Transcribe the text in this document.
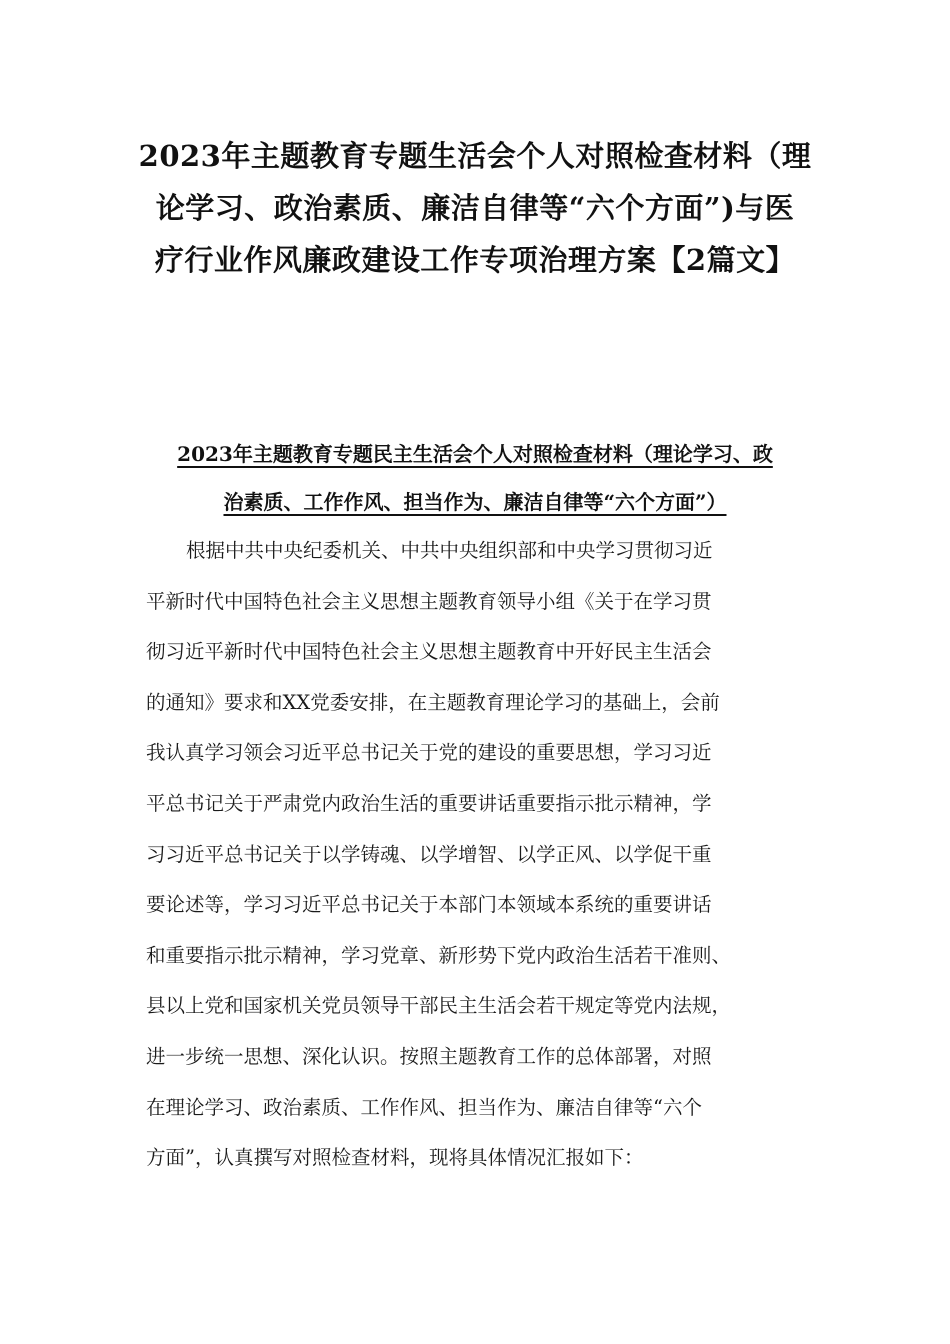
2023年主题教育专题生活会个人对照检查材料（理
论学习、政治素质、廉洁自律等“六个方面”)与医
疗行业作风廉政建设工作专项治理方案【2篇文】
2023年主题教育专题民主生活会个人对照检查材料（理论学习、政
治素质、工作作风、担当作为、廉洁自律等“六个方面”）
根据中共中央纪委机关、中共中央组织部和中央学习贯彻习近
平新时代中国特色社会主义思想主题教育领导小组《关于在学习贯
彻习近平新时代中国特色社会主义思想主题教育中开好民主生活会
的通知》要求和XX党委安排，在主题教育理论学习的基础上，会前
我认真学习领会习近平总书记关于党的建设的重要思想，学习习近
平总书记关于严肃党内政治生活的重要讲话重要指示批示精神，学
习习近平总书记关于以学铸魂、以学增智、以学正风、以学促干重
要论述等，学习习近平总书记关于本部门本领域本系统的重要讲话
和重要指示批示精神，学习党章、新形势下党内政治生活若干准则、
县以上党和国家机关党员领导干部民主生活会若干规定等党内法规，
进一步统一思想、深化认识。按照主题教育工作的总体部署，对照
在理论学习、政治素质、工作作风、担当作为、廉洁自律等“六个
方面”，认真撰写对照检查材料，现将具体情况汇报如下：
